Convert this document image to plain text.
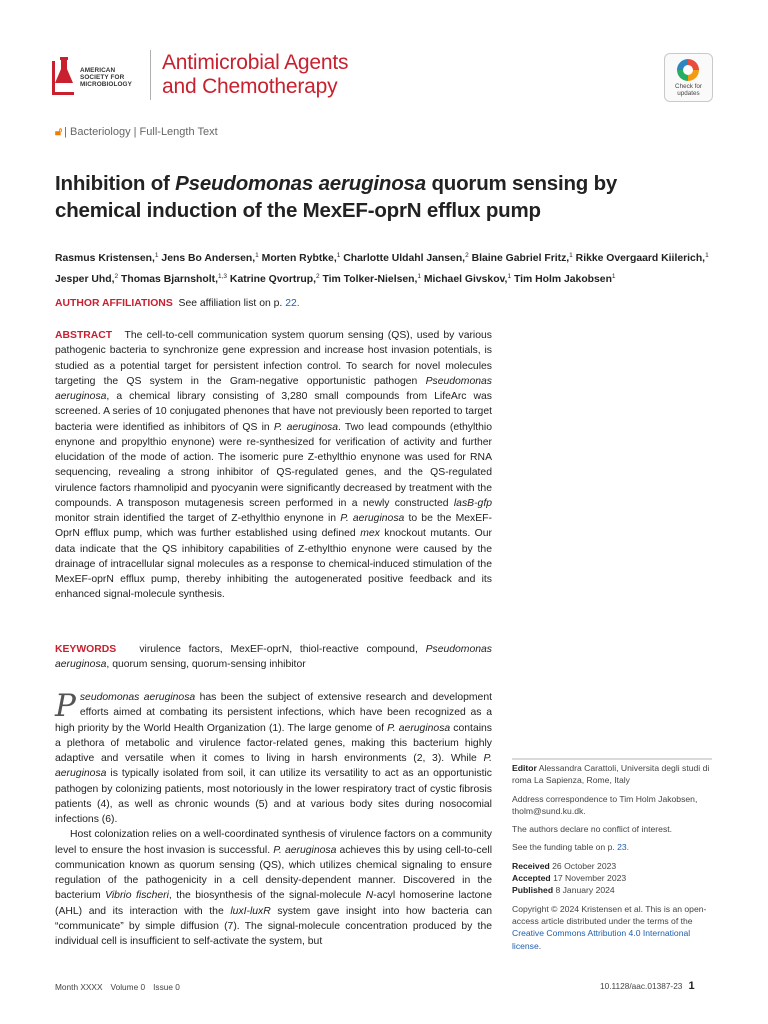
AMERICAN
SOCIETY FOR
MICROBIOLOGY
Antimicrobial Agents
and Chemotherapy	Check for
updates
🔓︎ | Bacteriology | Full-Length Text
Inhibition of Pseudomonas aeruginosa quorum sensing by chemical induction of the MexEF-oprN efflux pump
Rasmus Kristensen,$^1$ Jens Bo Andersen,$^1$ Morten Rybtke,$^1$ Charlotte Uldahl Jansen,$^2$ Blaine Gabriel Fritz,$^1$ Rikke Overgaard Kiilerich,$^1$
Jesper Uhd,$^2$ Thomas Bjarnsholt,$^{1,3}$ Katrine Qvortrup,$^2$ Tim Tolker-Nielsen,$^1$ Michael Givskov,$^1$ Tim Holm Jakobsen$^1$
AUTHOR AFFILIATIONS See affiliation list on p. 22.
ABSTRACT The cell-to-cell communication system quorum sensing (QS), used by various pathogenic bacteria to synchronize gene expression and increase host invasion potentials, is studied as a potential target for persistent infection control. To search for novel molecules targeting the QS system in the Gram-negative opportunistic pathogen Pseudomonas aeruginosa, a chemical library consisting of 3,280 small compounds from LifeArc was screened. A series of 10 conjugated phenones that have not previously been reported to target bacteria were identified as inhibitors of QS in P. aeruginosa. Two lead compounds (ethylthio enynone and propylthio enynone) were re-synthesized for verification of activity and further elucidation of the mode of action. The isomeric pure Z-ethylthio enynone was used for RNA sequencing, revealing a strong inhibitor of QS-regulated genes, and the QS-regulated virulence factors rhamnolipid and pyocyanin were significantly decreased by treatment with the compounds. A transposon mutagenesis screen performed in a newly constructed lasB-gfp monitor strain identified the target of Z-ethylthio enynone in P. aeruginosa to be the MexEF-OprN efflux pump, which was further established using defined mex knockout mutants. Our data indicate that the QS inhibitory capabilities of Z-ethylthio enynone were caused by the drainage of intracellular signal molecules as a response to chemical-induced stimulation of the MexEF-oprN efflux pump, thereby inhibiting the autogenerated positive feedback and its enhanced signal-molecule synthesis.
KEYWORDS virulence factors, MexEF-oprN, thiol-reactive compound, Pseudomonas aeruginosa, quorum sensing, quorum-sensing inhibitor

Pseudomonas aeruginosa has been the subject of extensive research and development efforts aimed at combating its persistent infections, which have been recognized as a high priority by the World Health Organization (1). The large genome of P. aeruginosa contains a plethora of metabolic and virulence factor-related genes, making this bacterium highly adaptive and versatile when it comes to living in harsh environments (2, 3). While P. aeruginosa is typically isolated from soil, it can utilize its versatility to act as an opportunistic pathogen by colonizing patients, most notoriously in the lower respiratory tract of cystic fibrosis patients (4), as well as chronic wounds (5) and at various body sites during nosocomial infections (6).

Host colonization relies on a well-coordinated synthesis of virulence factors on a community level to ensure the host invasion is successful. P. aeruginosa achieves this by using cell-to-cell communication known as quorum sensing (QS), which utilizes chemical signaling to ensure regulation of the pathogenicity in a cell density-dependent manner. Discovered in the bacterium Vibrio fischeri, the biosynthesis of the signal-molecule N-acyl homoserine lactone (AHL) and its interaction with the luxI-luxR system gave insight into how bacteria can “communicate” by simple diffusion (7). The signal-molecule concentration produced by the individual cell is insufficient to self-activate the system, but

Editor Alessandra Carattoli, Universita degli studi di roma La Sapienza, Rome, Italy
Address correspondence to Tim Holm Jakobsen, tholm@sund.ku.dk.
The authors declare no conflict of interest.
See the funding table on p. 23.
Received 26 October 2023
Accepted 17 November 2023
Published 8 January 2024
Copyright © 2024 Kristensen et al. This is an open-access article distributed under the terms of the Creative Commons Attribution 4.0 International license.
Month XXXX Volume 0 Issue 0	10.1128/aac.01387-23 1
